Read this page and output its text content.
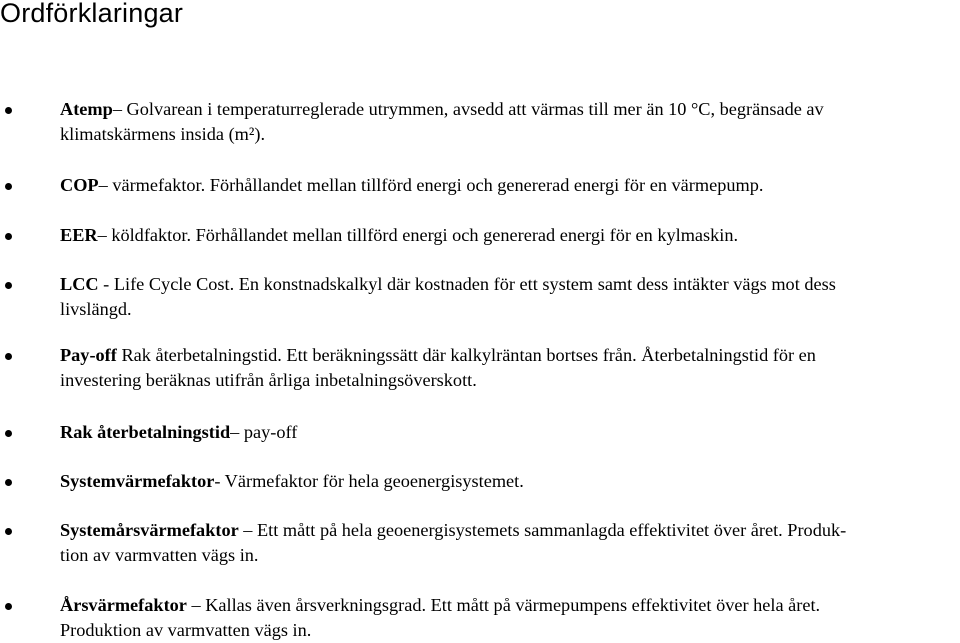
Ordförklaringar
Atemp– Golvarean i temperaturreglerade utrymmen, avsedd att värmas till mer än 10 °C, begränsade av
klimatskärmens insida (m²).
COP– värmefaktor. Förhållandet mellan tillförd energi och genererad energi för en värmepump.
EER– köldfaktor. Förhållandet mellan tillförd energi och genererad energi för en kylmaskin.
LCC - Life Cycle Cost. En konstnadskalkyl där kostnaden för ett system samt dess intäkter vägs mot dess
livslängd.
Pay-off Rak återbetalningstid. Ett beräkningssätt där kalkylräntan bortses från. Återbetalningstid för en
investering beräknas utifrån årliga inbetalningsöverskott.
Rak återbetalningstid– pay-off
Systemvärmefaktor- Värmefaktor för hela geoenergisystemet.
Systemårsvärmefaktor – Ett mått på hela geoenergisystemets sammanlagda effektivitet över året. Produk-
tion av varmvatten vägs in.
Årsvärmefaktor – Kallas även årsverkningsgrad. Ett mått på värmepumpens effektivitet över hela året.
Produktion av varmvatten vägs in.
